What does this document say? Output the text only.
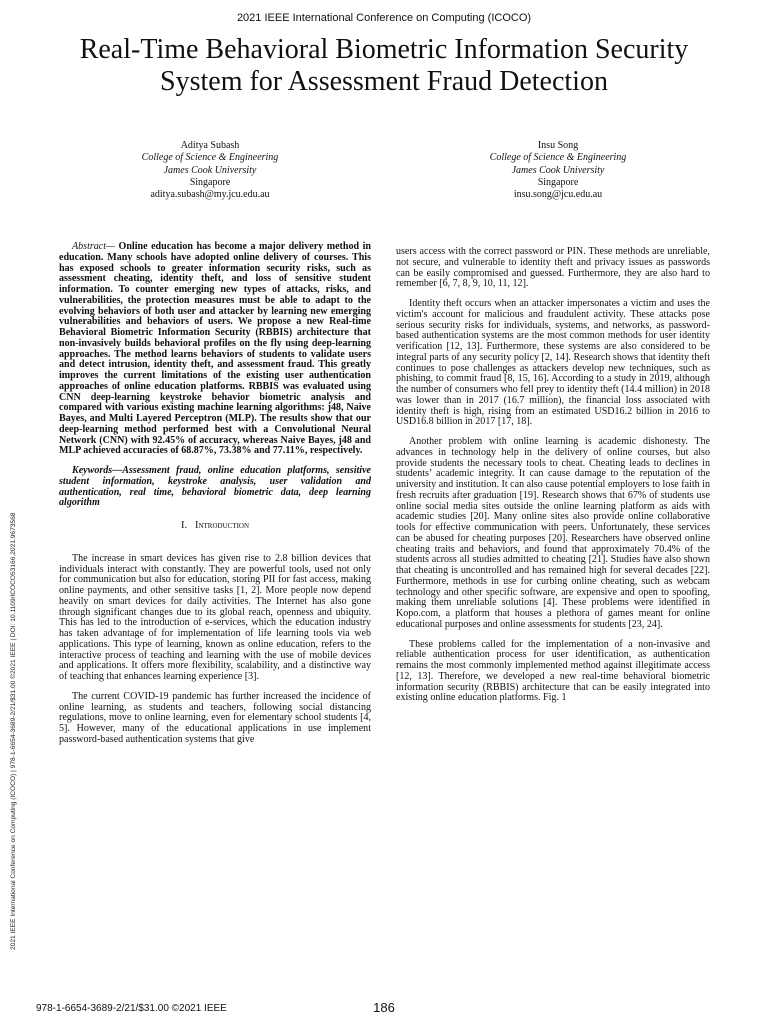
2021 IEEE International Conference on Computing (ICOCO)
Real-Time Behavioral Biometric Information Security System for Assessment Fraud Detection
Aditya Subash
College of Science & Engineering
James Cook University
Singapore
aditya.subash@my.jcu.edu.au
Insu Song
College of Science & Engineering
James Cook University
Singapore
insu.song@jcu.edu.au

Abstract— Online education has become a major delivery method in education. Many schools have adopted online delivery of courses. This has exposed schools to greater information security risks, such as assessment cheating, identity theft, and loss of sensitive student information. To counter emerging new types of attacks, risks, and vulnerabilities, the protection measures must be able to adapt to the evolving behaviors of both user and attacker by learning new emerging vulnerabilities and behaviors of users. We propose a new Real-time Behavioral Biometric Information Security (RBBIS) architecture that non-invasively builds behavioral profiles on the fly using deep-learning approaches. The method learns behaviors of students to validate users and detect intrusion, identity theft, and assessment fraud. This greatly improves the current limitations of the existing user authentication approaches of online education platforms. RBBIS was evaluated using CNN deep-learning keystroke behavior biometric analysis and compared with various existing machine learning algorithms: j48, Naive Bayes, and Multi Layered Perceptron (MLP). The results show that our deep-learning method performed best with a Convolutional Neural Network (CNN) with 92.45% of accuracy, whereas Naive Bayes, j48 and MLP achieved accuracies of 68.87%, 73.38% and 77.11%, respectively.

Keywords—Assessment fraud, online education platforms, sensitive student information, keystroke analysis, user validation and authentication, real time, behavioral biometric data, deep learning algorithm

I. Introduction

The increase in smart devices has given rise to 2.8 billion devices that individuals interact with constantly. They are powerful tools, used not only for communication but also for education, storing PII for fast access, making online payments, and other sensitive tasks [1, 2]. More people now depend heavily on smart devices for daily activities. The Internet has also gone through significant changes due to its global reach, openness and ubiquity. This has led to the introduction of e-services, which the education industry has taken advantage of for implementation of life learning tools via web applications. This type of learning, known as online education, refers to the interactive process of teaching and learning with the use of mobile devices and applications. It offers more flexibility, scalability, and a distinctive way of teaching that enhances learning experience [3].

The current COVID-19 pandemic has further increased the incidence of online learning, as students and teachers, following social distancing regulations, move to online learning, even for elementary school students [4, 5]. However, many of the educational applications in use implement password-based authentication systems that give

users access with the correct password or PIN. These methods are unreliable, not secure, and vulnerable to identity theft and privacy issues as passwords can be easily compromised and guessed. Furthermore, they are also hard to remember [6, 7, 8, 9, 10, 11, 12].

Identity theft occurs when an attacker impersonates a victim and uses the victim's account for malicious and fraudulent activity. These attacks pose serious security risks for individuals, systems, and networks, as password-based authentication systems are the most common methods for user identity verification [12, 13]. Furthermore, these systems are also considered to be integral parts of any security policy [2, 14]. Research shows that identity theft continues to pose challenges as attackers develop new techniques, such as phishing, to commit fraud [8, 15, 16]. According to a study in 2019, although the number of consumers who fell prey to identity theft (14.4 million) in 2018 was lower than in 2017 (16.7 million), the financial loss associated with identity theft is high, rising from an estimated USD16.2 billion in 2016 to USD16.8 billion in 2017 [17, 18].

Another problem with online learning is academic dishonesty. The advances in technology help in the delivery of online courses, but also provide students the necessary tools to cheat. Cheating leads to declines in students’ academic integrity. It can cause damage to the reputation of the university and institution. It can also cause potential employers to lose faith in fresh recruits after graduation [19]. Research shows that 67% of students use online social media sites outside the online learning platform as aids with academic studies [20]. Many online sites also provide online collaborative tools for effective communication with peers. Unfortunately, these services can be abused for cheating purposes [20]. Researchers have observed online cheating traits and behaviors, and found that approximately 70.4% of the students across all studies admitted to cheating [21]. Studies have also shown that cheating is uncontrolled and has remained high for several decades [22]. Furthermore, methods in use for curbing online cheating, such as webcam technology and other specific software, are expensive and open to spoofing, making them unreliable solutions [4]. These problems were identified in Kopo.com, a platform that houses a plethora of games meant for online educational purposes and online assessments for students [23, 24].

These problems called for the implementation of a non-invasive and reliable authentication process for user identification, as authentication remains the most commonly implemented method against illegitimate access [12, 13]. Therefore, we developed a new real-time behavioral biometric information security (RBBIS) architecture that can be easily integrated into existing online education platforms. Fig. 1

2021 IEEE International Conference on Computing (ICOCO) | 978-1-6654-3689-2/21/$31.00 ©2021 IEEE | DOI: 10.1109/ICOCO53166.2021.9673568
978-1-6654-3689-2/21/$31.00 ©2021 IEEE	186
